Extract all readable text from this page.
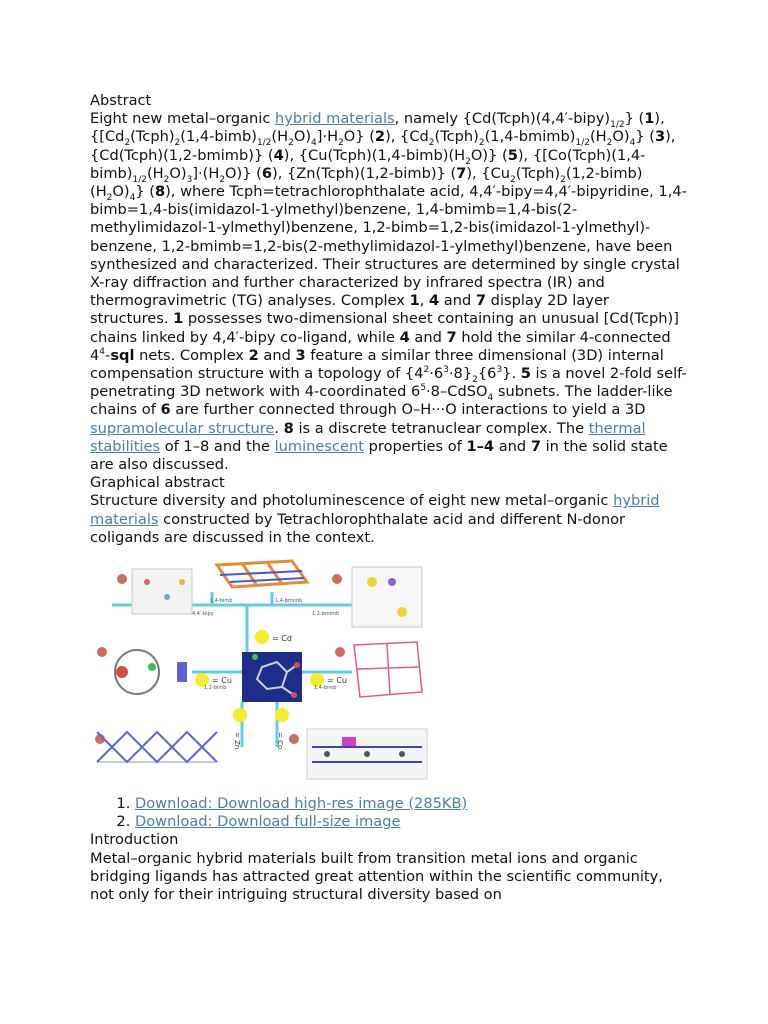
Abstract

Eight new metal–organic hybrid materials, namely $\{Cd(Tcph)(4,4'-bipy)_{1/2}\}$ (1), $\{[Cd_2(Tcph)_2(1,4-bimb)_{1/2}(H_2O)_4]\cdot H_2O\}$ (2), $\{Cd_2(Tcph)_2(1,4-bmimb)_{1/2}(H_2O)_4\}$ (3), {Cd(Tcph)(1,2-bmimb)} (4), $\{Cu(Tcph)(1,4-bimb)(H_2O)\}$ (5), $\{[Co(Tcph)(1,4-bimb)_{1/2}(H_2O)_3]\cdot(H_2O)\}$ (6), {Zn(Tcph)(1,2-bimb)} (7), $\{Cu_2(Tcph)_2(1,2-bimb)(H_2O)_4\}$ (8), where Tcph=tetrachlorophthalate acid, 4,4′-bipy=4,4′-bipyridine, 1,4-bimb=1,4-bis(imidazol-1-ylmethyl)benzene, 1,4-bmimb=1,4-bis(2-methylimidazol-1-ylmethyl)benzene, 1,2-bimb=1,2-bis(imidazol-1-ylmethyl)-benzene, 1,2-bmimb=1,2-bis(2-methylimidazol-1-ylmethyl)benzene, have been synthesized and characterized. Their structures are determined by single crystal X-ray diffraction and further characterized by infrared spectra (IR) and thermogravimetric (TG) analyses. Complex 1, 4 and 7 display 2D layer structures. 1 possesses two-dimensional sheet containing an unusual [Cd(Tcph)] chains linked by 4,4′-bipy co-ligand, while 4 and 7 hold the similar 4-connected $4^4$-sql nets. Complex 2 and 3 feature a similar three dimensional (3D) internal compensation structure with a topology of $\{4^2\cdot 6^3\cdot 8\}_2\{6^3\}$. 5 is a novel 2-fold self-penetrating 3D network with 4-coordinated $6^5\cdot 8-CdSO_4$ subnets. The ladder-like chains of 6 are further connected through O–H···O interactions to yield a 3D supramolecular structure. 8 is a discrete tetranuclear complex. The thermal stabilities of 1–8 and the luminescent properties of 1–4 and 7 in the solid state are also discussed.

Graphical abstract

Structure diversity and photoluminescence of eight new metal–organic hybrid materials constructed by Tetrachlorophthalate acid and different N-donor coligands are discussed in the context.

= Cd
= Cu	= Cu
= Zn	= Co
4,4′-bipy
1,4-bimb	1,4-bmimb
1,2-bmimb
1,2-bimb	1,4-bimb
1. Download: Download high-res image (285KB)
2. Download: Download full-size image
Introduction

Metal–organic hybrid materials built from transition metal ions and organic bridging ligands has attracted great attention within the scientific community, not only for their intriguing structural diversity based on
